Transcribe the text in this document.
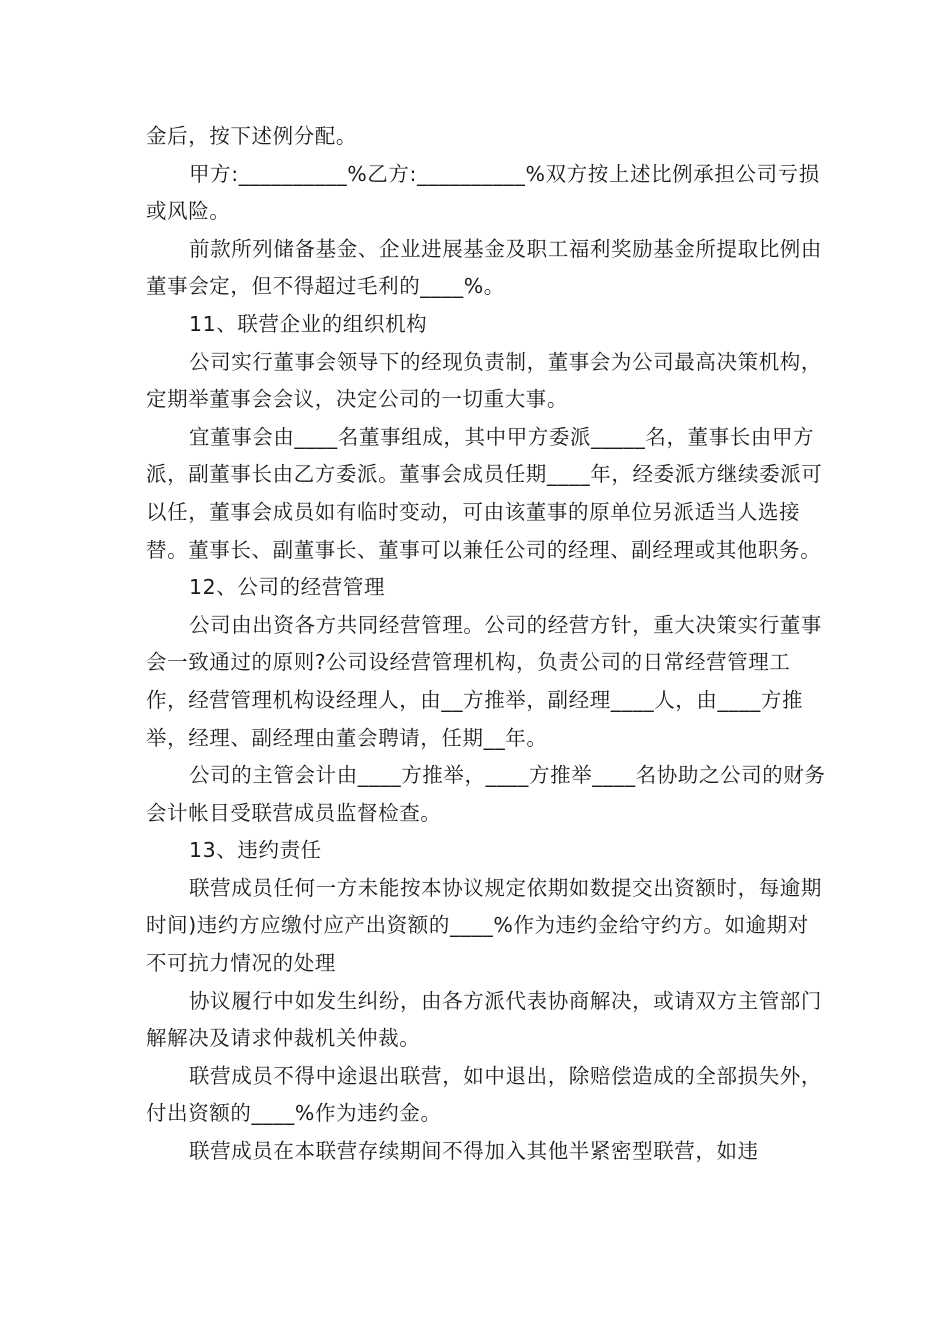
金后，按下述例分配。

甲方:__________%乙方:__________%双方按上述比例承担公司亏损或风险。

前款所列储备基金、企业进展基金及职工福利奖励基金所提取比例由董事会定，但不得超过毛利的____%。

11、联营企业的组织机构

公司实行董事会领导下的经现负责制，董事会为公司最高决策机构，定期举董事会会议，决定公司的一切重大事。

宜董事会由____名董事组成，其中甲方委派_____名，董事长由甲方派，副董事长由乙方委派。董事会成员任期____年，经委派方继续委派可以任，董事会成员如有临时变动，可由该董事的原单位另派适当人选接替。董事长、副董事长、董事可以兼任公司的经理、副经理或其他职务。

12、公司的经营管理

公司由出资各方共同经营管理。公司的经营方针，重大决策实行董事会一致通过的原则?公司设经营管理机构，负责公司的日常经营管理工作，经营管理机构设经理人，由__方推举，副经理____人，由____方推举，经理、副经理由董会聘请，任期__年。

公司的主管会计由____方推举，____方推举____名协助之公司的财务会计帐目受联营成员监督检查。

13、违约责任

联营成员任何一方未能按本协议规定依期如数提交出资额时，每逾期时间)违约方应缴付应产出资额的____%作为违约金给守约方。如逾期对不可抗力情况的处理

协议履行中如发生纠纷，由各方派代表协商解决，或请双方主管部门解解决及请求仲裁机关仲裁。

联营成员不得中途退出联营，如中退出，除赔偿造成的全部损失外，付出资额的____%作为违约金。

联营成员在本联营存续期间不得加入其他半紧密型联营，如违
